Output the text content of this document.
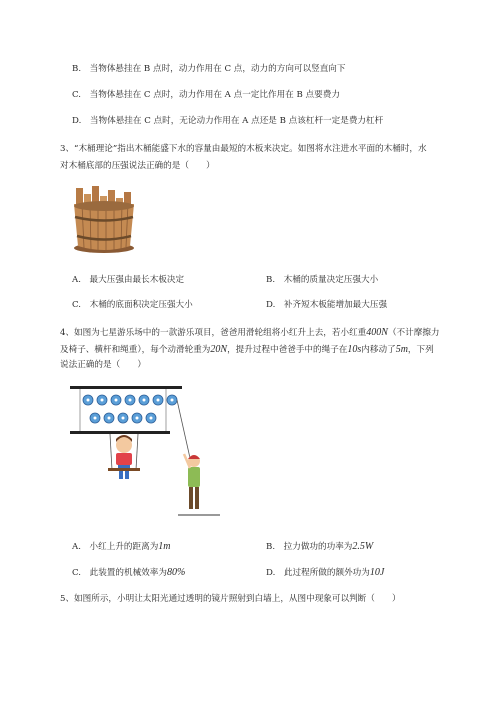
B.　当物体悬挂在 B 点时，动力作用在 C 点，动力的方向可以竖直向下
C.　当物体悬挂在 C 点时，动力作用在 A 点一定比作用在 B 点要费力
D.　当物体悬挂在 C 点时，无论动力作用在 A 点还是 B 点该杠杆一定是费力杠杆
3、“木桶理论”指出木桶能盛下水的容量由最短的木板来决定。如图将水注进水平面的木桶时，水
对木桶底部的压强说法正确的是（　　）
A.　最大压强由最长木板决定	B.　木桶的质量决定压强大小
C.　木桶的底面积决定压强大小	D.　补齐短木板能增加最大压强
4、如图为七星游乐场中的一款游乐项目，爸爸用滑轮组将小红升上去，若小红重400N（不计摩擦力
及椅子、横杆和绳重），每个动滑轮重为20N，提升过程中爸爸手中的绳子在10s内移动了5m，下列
说法正确的是（　　）
A.　小红上升的距离为1m	B.　拉力做功的功率为2.5W
C.　此装置的机械效率为80%	D.　此过程所做的额外功为10J
5、如图所示，小明让太阳光通过透明的镜片照射到白墙上，从图中现象可以判断（　　）
